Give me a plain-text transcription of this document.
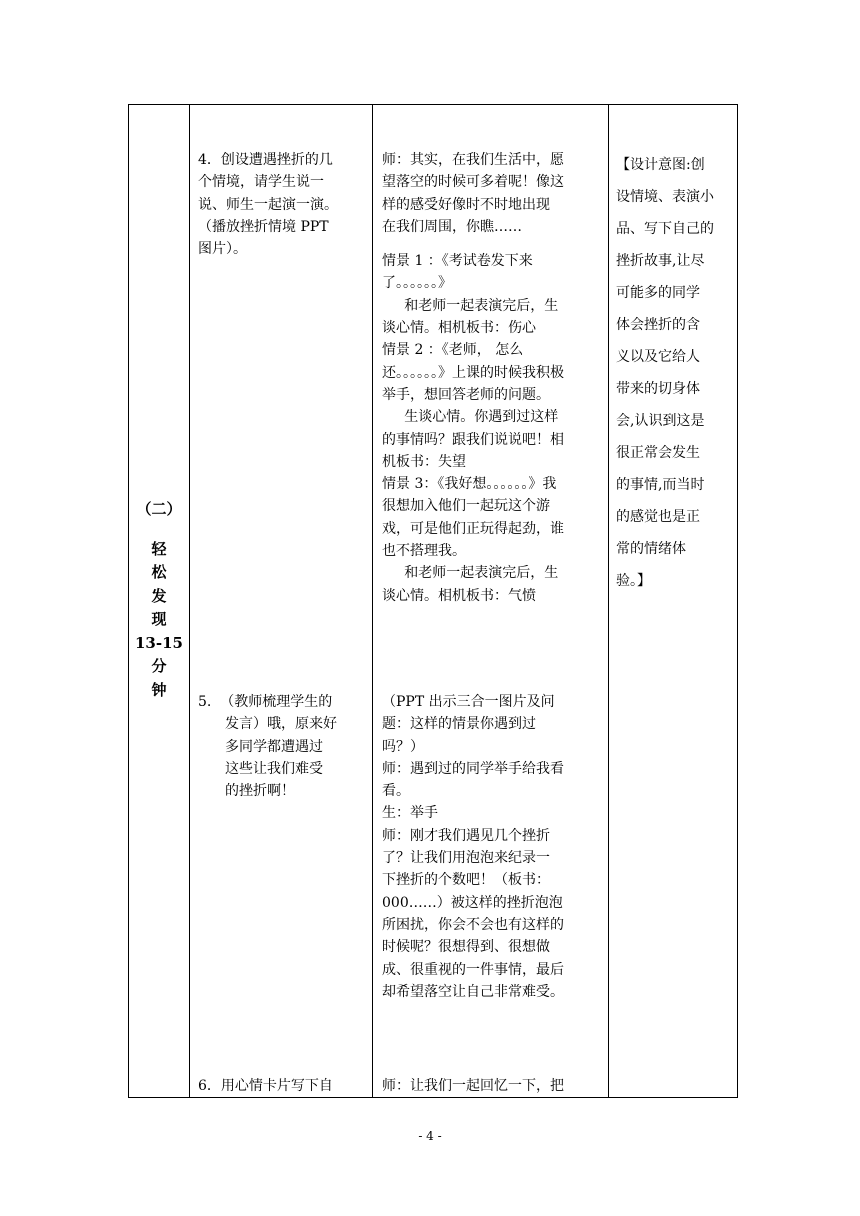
（二）
轻
松
发
现
13-15
分
钟
4．创设遭遇挫折的几
个情境，请学生说一
说、师生一起演一演。
（播放挫折情境 PPT
图片）。
5.  （教师梳理学生的
发言）哦，原来好
多同学都遭遇过
这些让我们难受
的挫折啊！
6．用心情卡片写下自
师：其实，在我们生活中，愿
望落空的时候可多着呢！像这
样的感受好像时不时地出现
在我们周围，你瞧……
情景 1 ：《考试卷发下来
了。。。。。。》
和老师一起表演完后，生
谈心情。相机板书：伤心
情景 2 ：《老师， 怎么
还。。。。。。》上课的时候我积极
举手，想回答老师的问题。
生谈心情。你遇到过这样
的事情吗？跟我们说说吧！相
机板书：失望
情景 3：《我好想。。。。。。》我
很想加入他们一起玩这个游
戏，可是他们正玩得起劲，谁
也不搭理我。
和老师一起表演完后，生
谈心情。相机板书：气愤
（PPT 出示三合一图片及问
题：这样的情景你遇到过
吗？）
师：遇到过的同学举手给我看
看。
生：举手
师：刚才我们遇见几个挫折
了？让我们用泡泡来纪录一
下挫折的个数吧！（板书：
000……）被这样的挫折泡泡
所困扰，你会不会也有这样的
时候呢？很想得到、很想做
成、很重视的一件事情，最后
却希望落空让自己非常难受。
师：让我们一起回忆一下，把
【设计意图:创
设情境、表演小
品、写下自己的
挫折故事,让尽
可能多的同学
体会挫折的含
义以及它给人
带来的切身体
会,认识到这是
很正常会发生
的事情,而当时
的感觉也是正
常的情绪体
验。】
- 4 -
